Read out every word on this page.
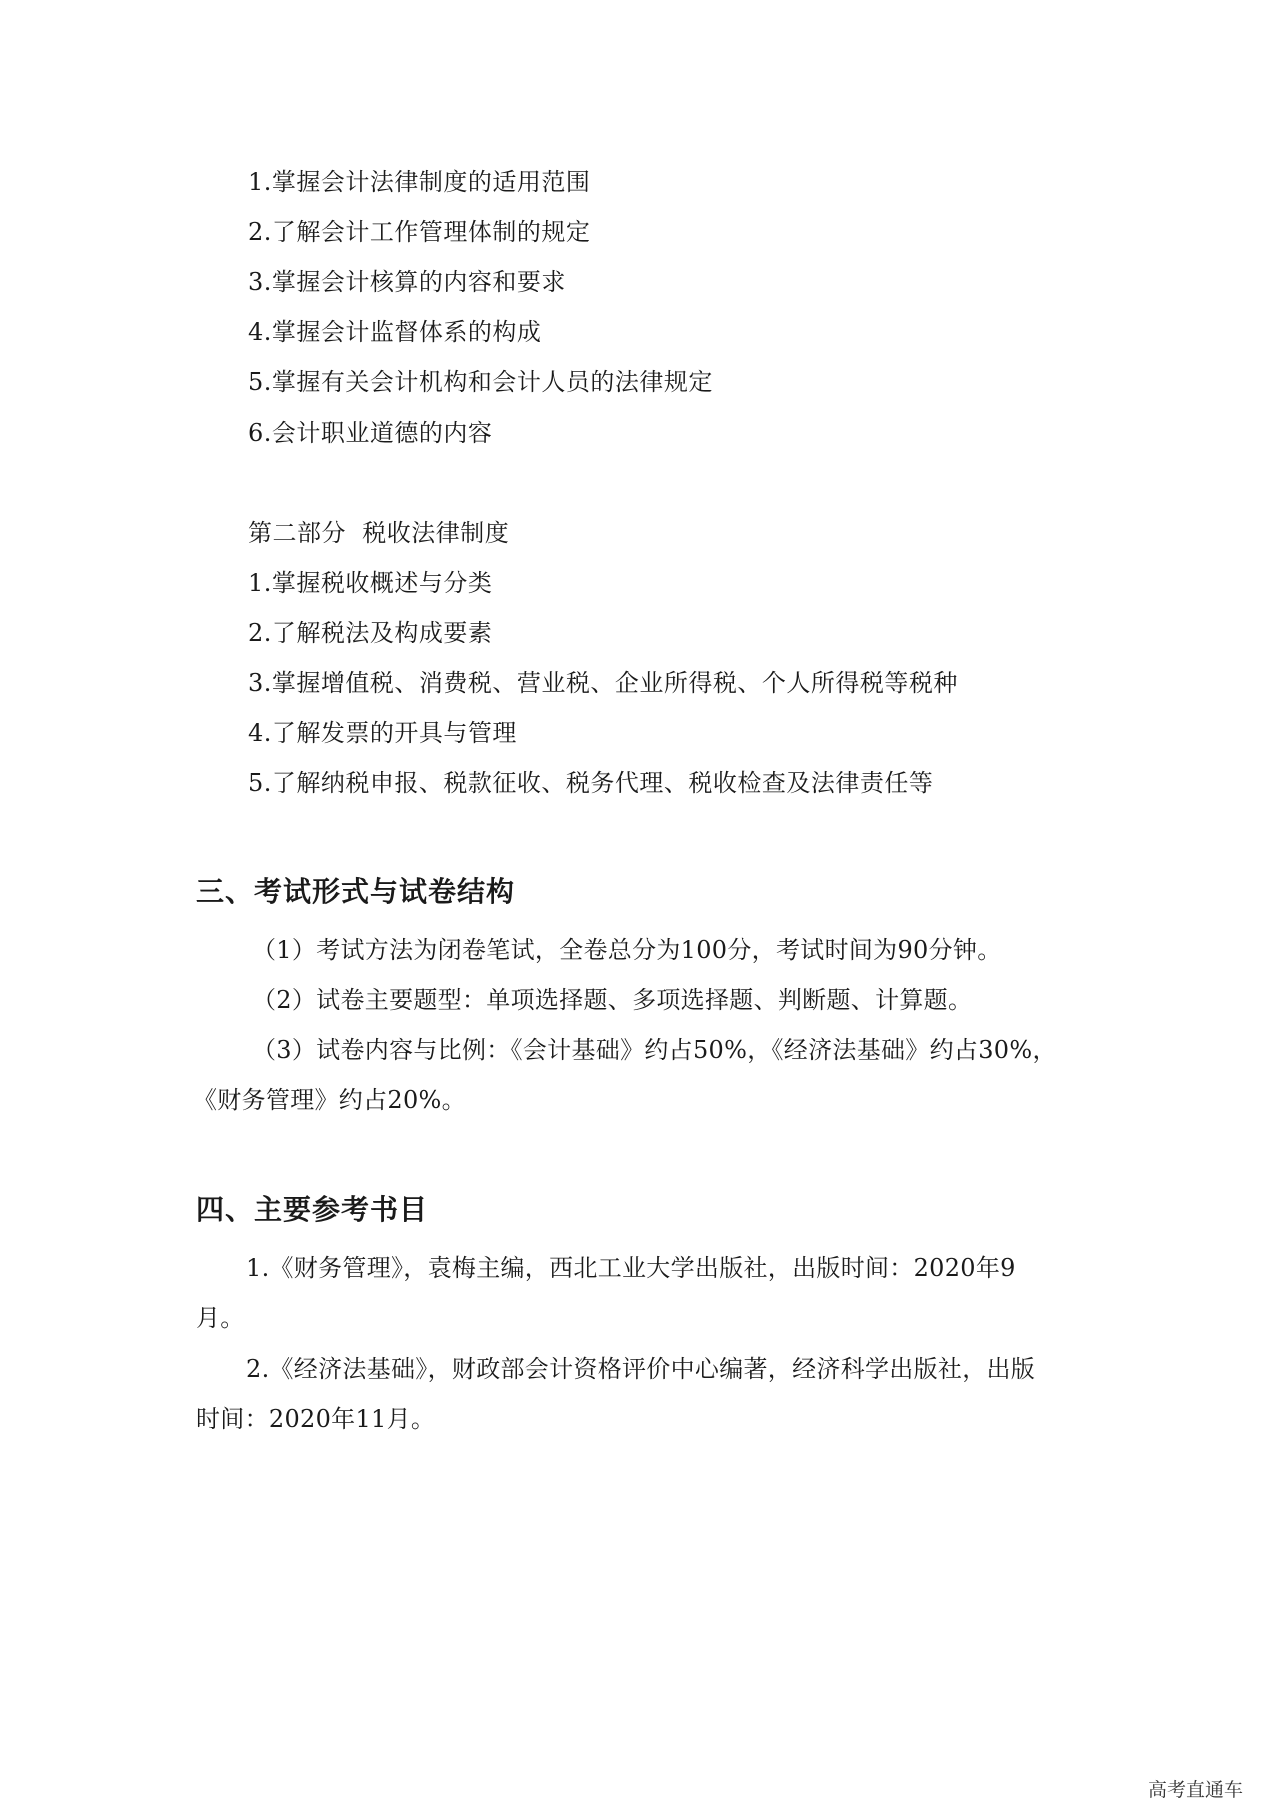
1.掌握会计法律制度的适用范围
2.了解会计工作管理体制的规定
3.掌握会计核算的内容和要求
4.掌握会计监督体系的构成
5.掌握有关会计机构和会计人员的法律规定
6.会计职业道德的内容
第二部分  税收法律制度
1.掌握税收概述与分类
2.了解税法及构成要素
3.掌握增值税、消费税、营业税、企业所得税、个人所得税等税种
4.了解发票的开具与管理
5.了解纳税申报、税款征收、税务代理、税收检查及法律责任等
三、考试形式与试卷结构
（1）考试方法为闭卷笔试，全卷总分为100分，考试时间为90分钟。
（2）试卷主要题型：单项选择题、多项选择题、判断题、计算题。
（3）试卷内容与比例：《会计基础》约占50%，《经济法基础》约占30%，
《财务管理》约占20%。
四、主要参考书目
1.《财务管理》，袁梅主编，西北工业大学出版社，出版时间：2020年9
月。
2.《经济法基础》，财政部会计资格评价中心编著，经济科学出版社，出版
时间：2020年11月。
高考直通车
